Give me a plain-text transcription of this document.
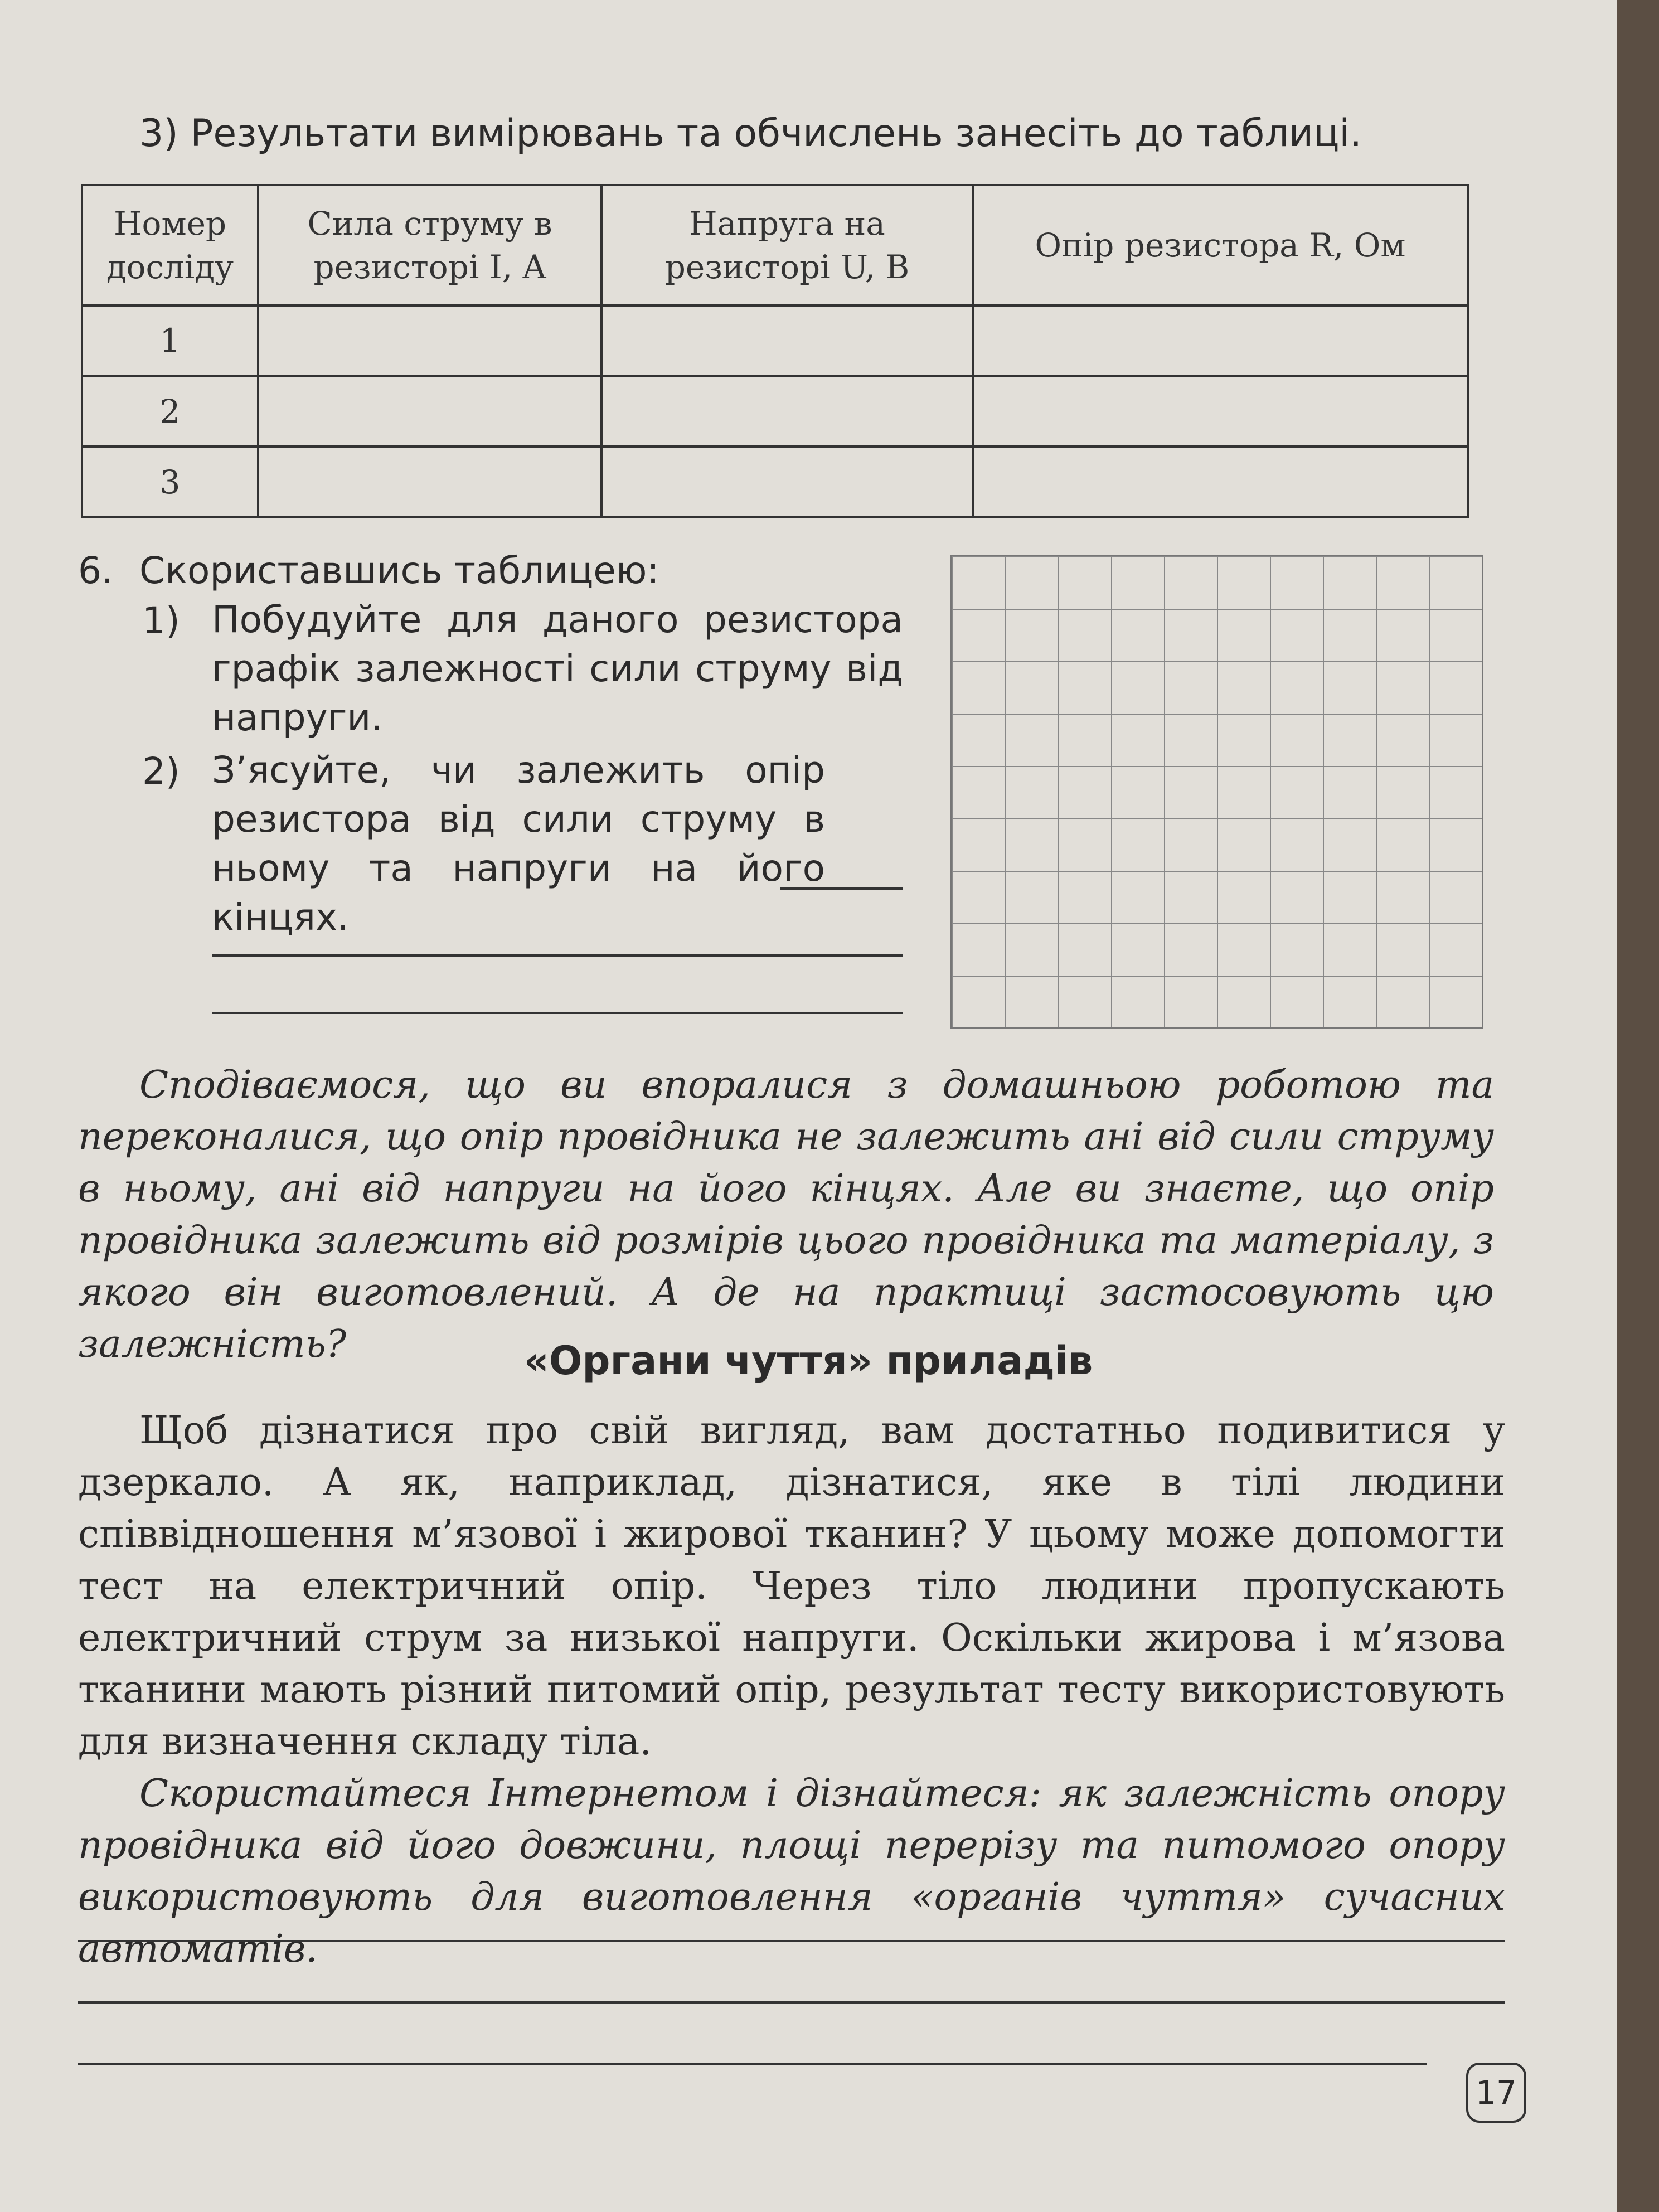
3) Результати вимірювань та обчислень занесіть до таблиці.
Номер досліду	Сила струму в резисторі I, A	Напруга на резисторі U, B	Опір резистора R, Ом
1			
2			
3			
6. Скориставшись таблицею:
1) Побудуйте для даного резистора графік залежності сили струму від напруги.
2) З’ясуйте, чи залежить опір резистора від сили струму в ньому та напруги на його кінцях.
Сподіваємося, що ви впоралися з домашньою роботою та переконалися, що опір провідника не залежить ані від сили струму в ньому, ані від напруги на його кінцях. Але ви знаєте, що опір провідника залежить від розмірів цього провідника та матеріалу, з якого він виготовлений. А де на практиці застосовують цю залежність?	«Органи чуття» приладів
Щоб дізнатися про свій вигляд, вам достатньо подивитися у дзеркало. А як, наприклад, дізнатися, яке в тілі людини співвідношення м’язової і жирової тканин? У цьому може допомогти тест на електричний опір. Через тіло людини пропускають електричний струм за низької напруги. Оскільки жирова і м’язова тканини мають різний питомий опір, результат тесту використовують для визначення складу тіла.
Скористайтеся Інтернетом і дізнайтеся: як залежність опору провідника від його довжини, площі перерізу та питомого опору використовують для виготовлення «органів чуття» сучасних автоматів.
17
